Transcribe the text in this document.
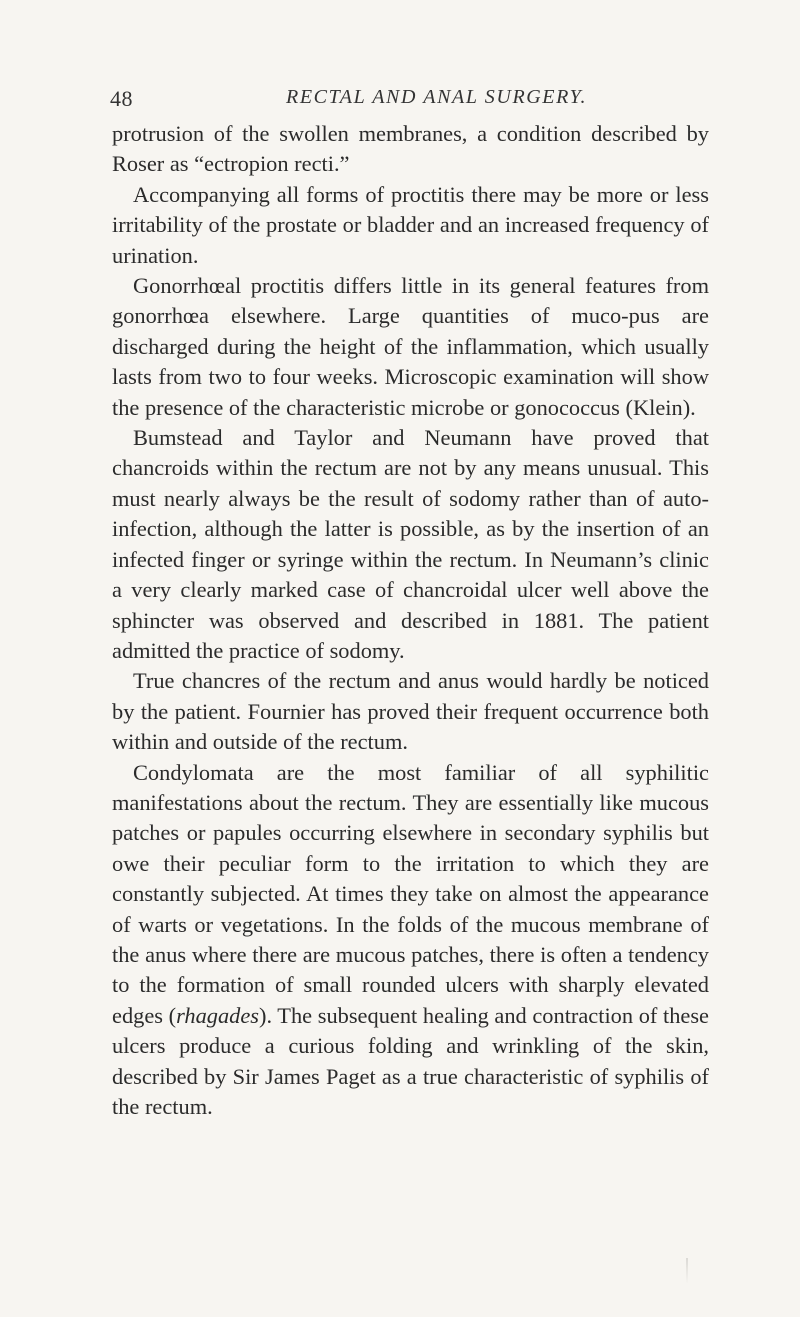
48	RECTAL AND ANAL SURGERY.

protrusion of the swollen membranes, a condition described by Roser as “ectropion recti.”

Accompanying all forms of proctitis there may be more or less irritability of the prostate or bladder and an increased frequency of urination.

Gonorrhœal proctitis differs little in its general features from gonorrhœa elsewhere. Large quantities of muco-pus are discharged during the height of the inflammation, which usually lasts from two to four weeks. Microscopic examination will show the presence of the characteristic microbe or gonococcus (Klein).

Bumstead and Taylor and Neumann have proved that chancroids within the rectum are not by any means unusual. This must nearly always be the result of sodomy rather than of auto-infection, although the latter is possible, as by the insertion of an infected finger or syringe within the rectum. In Neumann’s clinic a very clearly marked case of chancroidal ulcer well above the sphincter was observed and described in 1881. The patient admitted the practice of sodomy.

True chancres of the rectum and anus would hardly be noticed by the patient. Fournier has proved their frequent occurrence both within and outside of the rectum.

Condylomata are the most familiar of all syphilitic manifestations about the rectum. They are essentially like mucous patches or papules occurring elsewhere in secondary syphilis but owe their peculiar form to the irritation to which they are constantly subjected. At times they take on almost the appearance of warts or vegetations. In the folds of the mucous membrane of the anus where there are mucous patches, there is often a tendency to the formation of small rounded ulcers with sharply elevated edges (rhagades). The subsequent healing and contraction of these ulcers produce a curious folding and wrinkling of the skin, described by Sir James Paget as a true characteristic of syphilis of the rectum.
